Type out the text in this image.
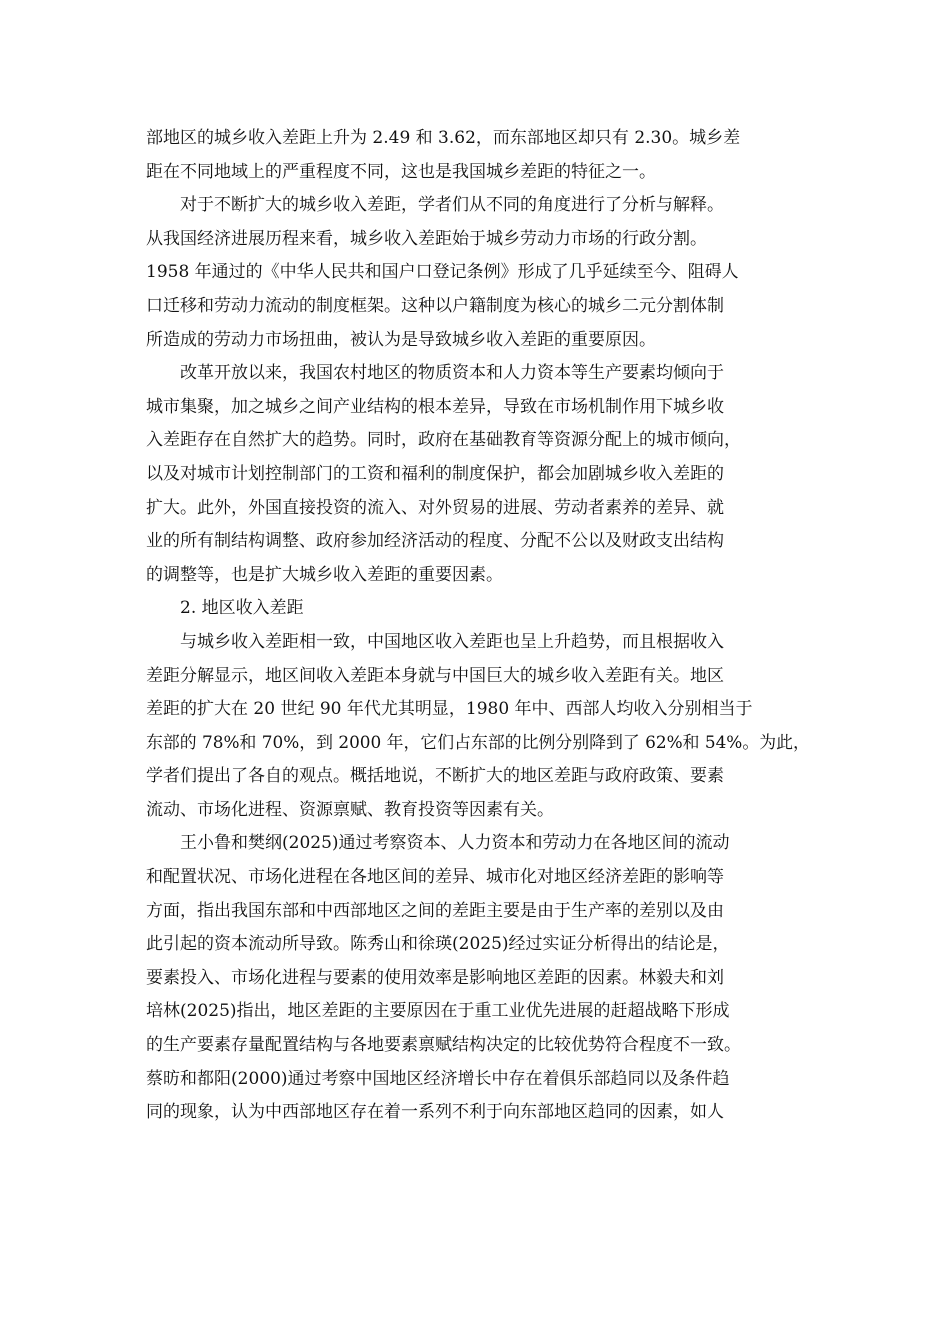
部地区的城乡收入差距上升为 2.49 和 3.62，而东部地区却只有 2.30。城乡差
距在不同地域上的严重程度不同，这也是我国城乡差距的特征之一。
　　对于不断扩大的城乡收入差距，学者们从不同的角度进行了分析与解释。
从我国经济进展历程来看，城乡收入差距始于城乡劳动力市场的行政分割。
1958 年通过的《中华人民共和国户口登记条例》形成了几乎延续至今、阻碍人
口迁移和劳动力流动的制度框架。这种以户籍制度为核心的城乡二元分割体制
所造成的劳动力市场扭曲，被认为是导致城乡收入差距的重要原因。
　　改革开放以来，我国农村地区的物质资本和人力资本等生产要素均倾向于
城市集聚，加之城乡之间产业结构的根本差异，导致在市场机制作用下城乡收
入差距存在自然扩大的趋势。同时，政府在基础教育等资源分配上的城市倾向，
以及对城市计划控制部门的工资和福利的制度保护，都会加剧城乡收入差距的
扩大。此外，外国直接投资的流入、对外贸易的进展、劳动者素养的差异、就
业的所有制结构调整、政府参加经济活动的程度、分配不公以及财政支出结构
的调整等，也是扩大城乡收入差距的重要因素。
　　2. 地区收入差距
　　与城乡收入差距相一致，中国地区收入差距也呈上升趋势，而且根据收入
差距分解显示，地区间收入差距本身就与中国巨大的城乡收入差距有关。地区
差距的扩大在 20 世纪 90 年代尤其明显，1980 年中、西部人均收入分别相当于
东部的 78%和 70%，到 2000 年，它们占东部的比例分别降到了 62%和 54%。为此，
学者们提出了各自的观点。概括地说，不断扩大的地区差距与政府政策、要素
流动、市场化进程、资源禀赋、教育投资等因素有关。
　　王小鲁和樊纲(2025)通过考察资本、人力资本和劳动力在各地区间的流动
和配置状况、市场化进程在各地区间的差异、城市化对地区经济差距的影响等
方面，指出我国东部和中西部地区之间的差距主要是由于生产率的差别以及由
此引起的资本流动所导致。陈秀山和徐瑛(2025)经过实证分析得出的结论是，
要素投入、市场化进程与要素的使用效率是影响地区差距的因素。林毅夫和刘
培林(2025)指出，地区差距的主要原因在于重工业优先进展的赶超战略下形成
的生产要素存量配置结构与各地要素禀赋结构决定的比较优势符合程度不一致。
蔡昉和都阳(2000)通过考察中国地区经济增长中存在着俱乐部趋同以及条件趋
同的现象，认为中西部地区存在着一系列不利于向东部地区趋同的因素，如人
